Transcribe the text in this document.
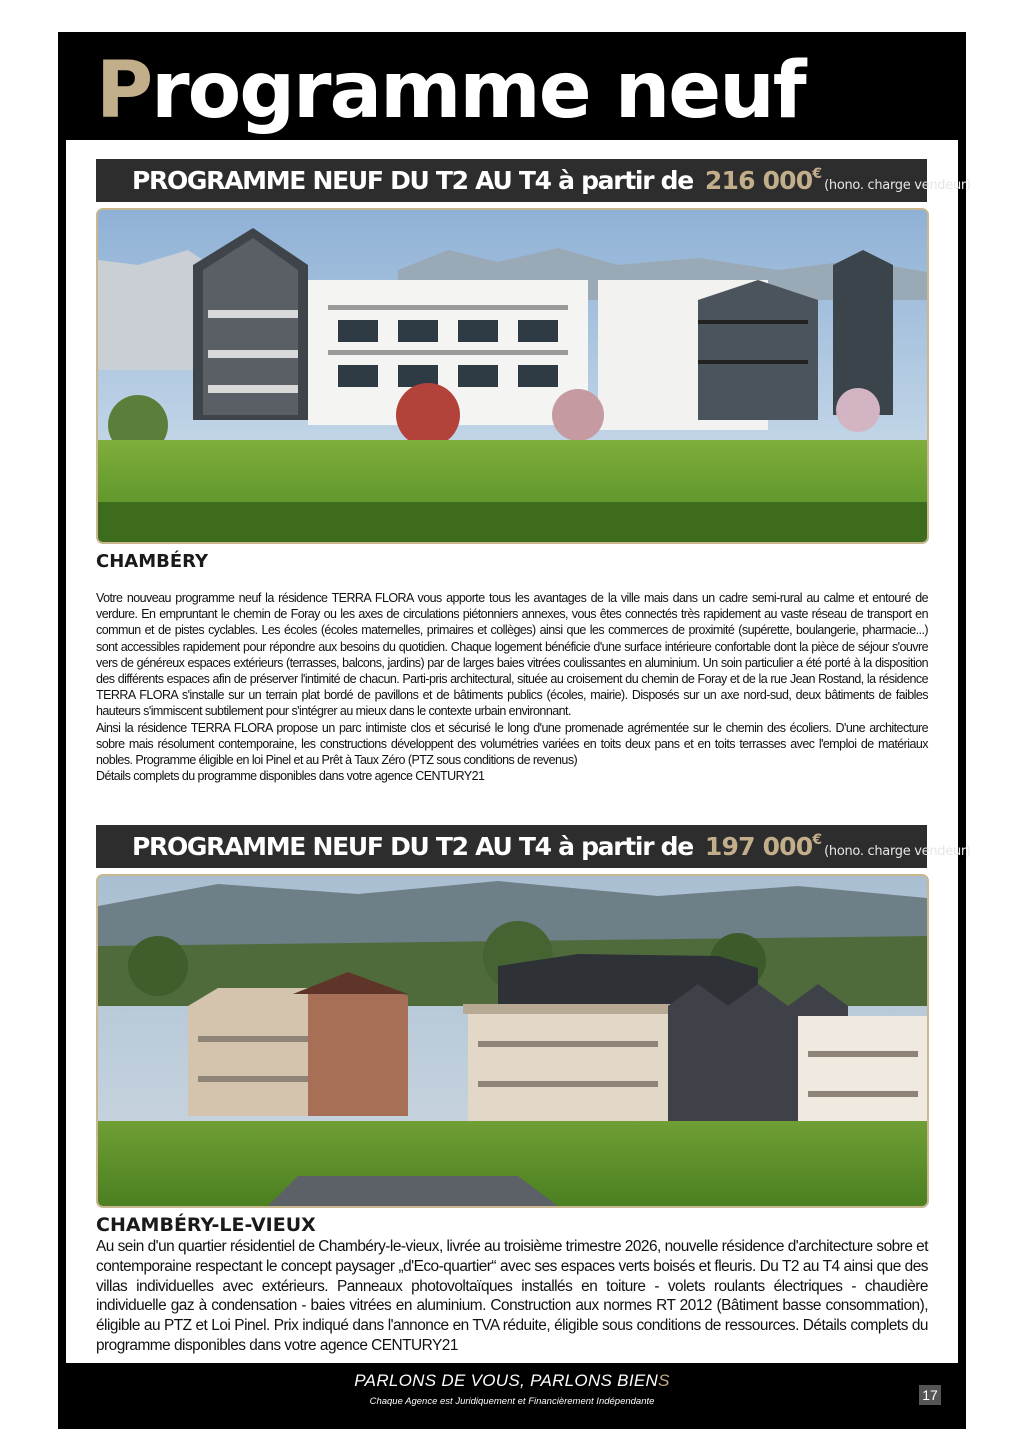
Programme neuf
PROGRAMME NEUF DU T2 AU T4 à partir de 216 000 €
(hono. charge vendeur)
CHAMBÉRY

Votre nouveau programme neuf la résidence TERRA FLORA vous apporte tous les avantages de la ville mais dans un cadre semi-rural au calme et entouré de verdure. En empruntant le chemin de Foray ou les axes de circulations piétonniers annexes, vous êtes connectés très rapidement au vaste réseau de transport en commun et de pistes cyclables. Les écoles (écoles maternelles, primaires et collèges) ainsi que les commerces de proximité (supérette, boulangerie, pharmacie...) sont accessibles rapidement pour répondre aux besoins du quotidien. Chaque logement bénéficie d'une surface intérieure confortable dont la pièce de séjour s'ouvre vers de généreux espaces extérieurs (terrasses, balcons, jardins) par de larges baies vitrées coulissantes en aluminium. Un soin particulier a été porté à la disposition des différents espaces afin de préserver l'intimité de chacun. Parti-pris architectural, située au croisement du chemin de Foray et de la rue Jean Rostand, la résidence TERRA FLORA s'installe sur un terrain plat bordé de pavillons et de bâtiments publics (écoles, mairie). Disposés sur un axe nord-sud, deux bâtiments de faibles hauteurs s'immiscent subtilement pour s'intégrer au mieux dans le contexte urbain environnant.
Ainsi la résidence TERRA FLORA propose un parc intimiste clos et sécurisé le long d'une promenade agrémentée sur le chemin des écoliers. D'une architecture sobre mais résolument contemporaine, les constructions développent des volumétries variées en toits deux pans et en toits terrasses avec l'emploi de matériaux nobles. Programme éligible en loi Pinel et au Prêt à Taux Zéro (PTZ sous conditions de revenus)
Détails complets du programme disponibles dans votre agence CENTURY21

PROGRAMME NEUF DU T2 AU T4 à partir de 197 000 €
(hono. charge vendeur)
CHAMBÉRY-LE-VIEUX

Au sein d'un quartier résidentiel de Chambéry-le-vieux, livrée au troisième trimestre 2026, nouvelle résidence d'architecture sobre et contemporaine respectant le concept paysager „d'Eco-quartier“ avec ses espaces verts boisés et fleuris. Du T2 au T4 ainsi que des villas individuelles avec extérieurs. Panneaux photovoltaïques installés en toiture - volets roulants électriques - chaudière individuelle gaz à condensation - baies vitrées en aluminium. Construction aux normes RT 2012 (Bâtiment basse consommation), éligible au PTZ et Loi Pinel. Prix indiqué dans l'annonce en TVA réduite, éligible sous conditions de ressources. Détails complets du programme disponibles dans votre agence CENTURY21

PARLONS DE VOUS, PARLONS BIENS
Chaque Agence est Juridiquement et Financièrement Indépendante	17
